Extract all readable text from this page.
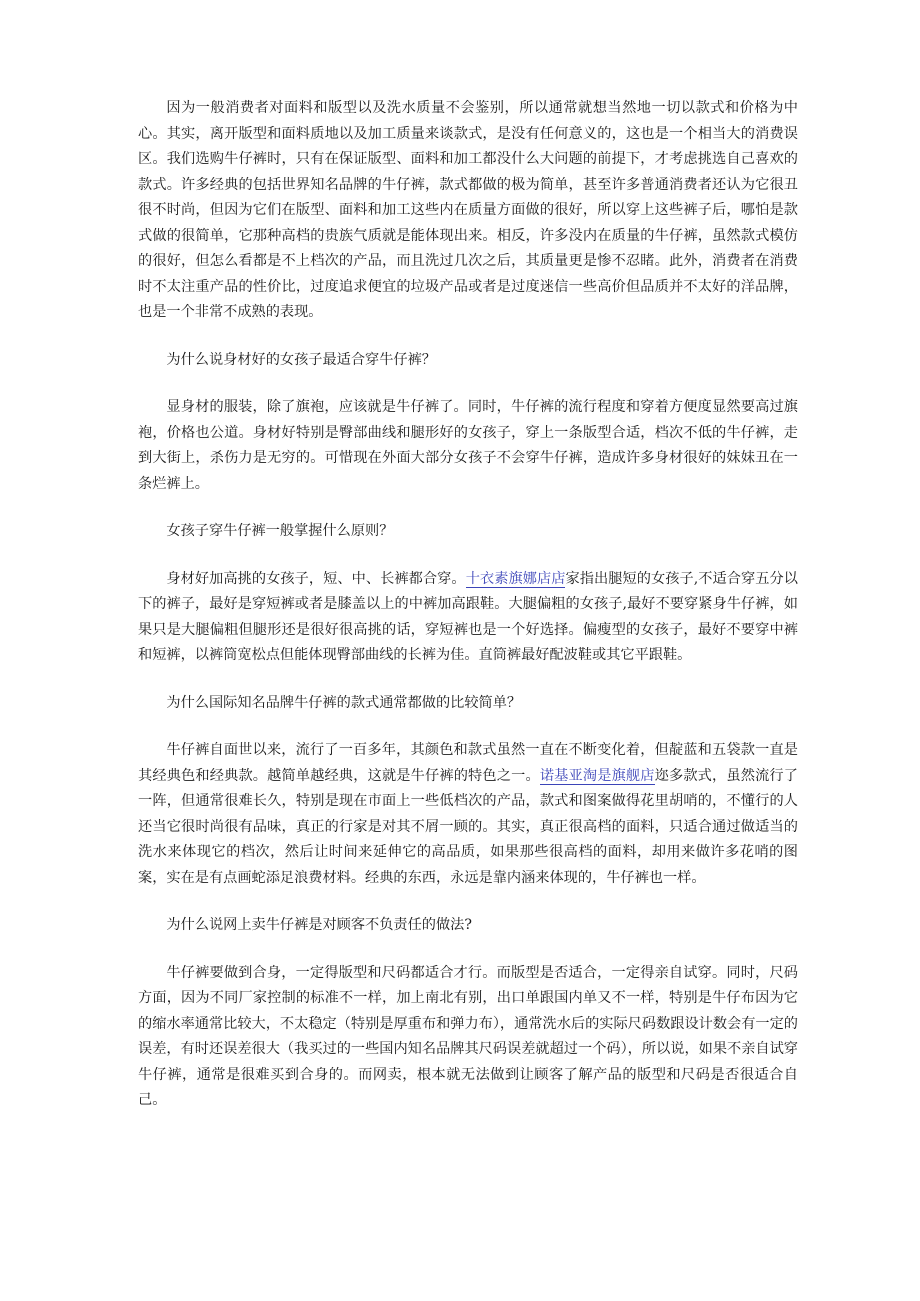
因为一般消费者对面料和版型以及洗水质量不会鉴别，所以通常就想当然地一切以款式和价格为中心。其实，离开版型和面料质地以及加工质量来谈款式，是没有任何意义的，这也是一个相当大的消费误区。我们选购牛仔裤时，只有在保证版型、面料和加工都没什么大问题的前提下，才考虑挑选自己喜欢的款式。许多经典的包括世界知名品牌的牛仔裤，款式都做的极为简单，甚至许多普通消费者还认为它很丑很不时尚，但因为它们在版型、面料和加工这些内在质量方面做的很好，所以穿上这些裤子后，哪怕是款式做的很简单，它那种高档的贵族气质就是能体现出来。相反，许多没内在质量的牛仔裤，虽然款式模仿的很好，但怎么看都是不上档次的产品，而且洗过几次之后，其质量更是惨不忍睹。此外，消费者在消费时不太注重产品的性价比，过度追求便宜的垃圾产品或者是过度迷信一些高价但品质并不太好的洋品牌，也是一个非常不成熟的表现。

为什么说身材好的女孩子最适合穿牛仔裤？

显身材的服装，除了旗袍，应该就是牛仔裤了。同时，牛仔裤的流行程度和穿着方便度显然要高过旗袍，价格也公道。身材好特别是臀部曲线和腿形好的女孩子，穿上一条版型合适，档次不低的牛仔裤，走到大街上，杀伤力是无穷的。可惜现在外面大部分女孩子不会穿牛仔裤，造成许多身材很好的妹妹丑在一条烂裤上。

女孩子穿牛仔裤一般掌握什么原则？

身材好加高挑的女孩子，短、中、长裤都合穿。十衣素旗娜店店家指出腿短的女孩子,不适合穿五分以下的裤子，最好是穿短裤或者是膝盖以上的中裤加高跟鞋。大腿偏粗的女孩子,最好不要穿紧身牛仔裤，如果只是大腿偏粗但腿形还是很好很高挑的话，穿短裤也是一个好选择。偏瘦型的女孩子，最好不要穿中裤和短裤，以裤筒宽松点但能体现臀部曲线的长裤为佳。直筒裤最好配波鞋或其它平跟鞋。

为什么国际知名品牌牛仔裤的款式通常都做的比较简单？

牛仔裤自面世以来，流行了一百多年，其颜色和款式虽然一直在不断变化着，但靛蓝和五袋款一直是其经典色和经典款。越简单越经典，这就是牛仔裤的特色之一。诺基亚淘是旗舰店迩多款式，虽然流行了一阵，但通常很难长久，特别是现在市面上一些低档次的产品，款式和图案做得花里胡哨的，不懂行的人还当它很时尚很有品味，真正的行家是对其不屑一顾的。其实，真正很高档的面料，只适合通过做适当的洗水来体现它的档次，然后让时间来延伸它的高品质，如果那些很高档的面料，却用来做许多花哨的图案，实在是有点画蛇添足浪费材料。经典的东西，永远是靠内涵来体现的，牛仔裤也一样。

为什么说网上卖牛仔裤是对顾客不负责任的做法?

牛仔裤要做到合身，一定得版型和尺码都适合才行。而版型是否适合，一定得亲自试穿。同时，尺码方面，因为不同厂家控制的标准不一样，加上南北有别，出口单跟国内单又不一样，特别是牛仔布因为它的缩水率通常比较大，不太稳定（特别是厚重布和弹力布），通常洗水后的实际尺码数跟设计数会有一定的误差，有时还误差很大（我买过的一些国内知名品牌其尺码误差就超过一个码），所以说，如果不亲自试穿牛仔裤，通常是很难买到合身的。而网卖，根本就无法做到让顾客了解产品的版型和尺码是否很适合自己。
